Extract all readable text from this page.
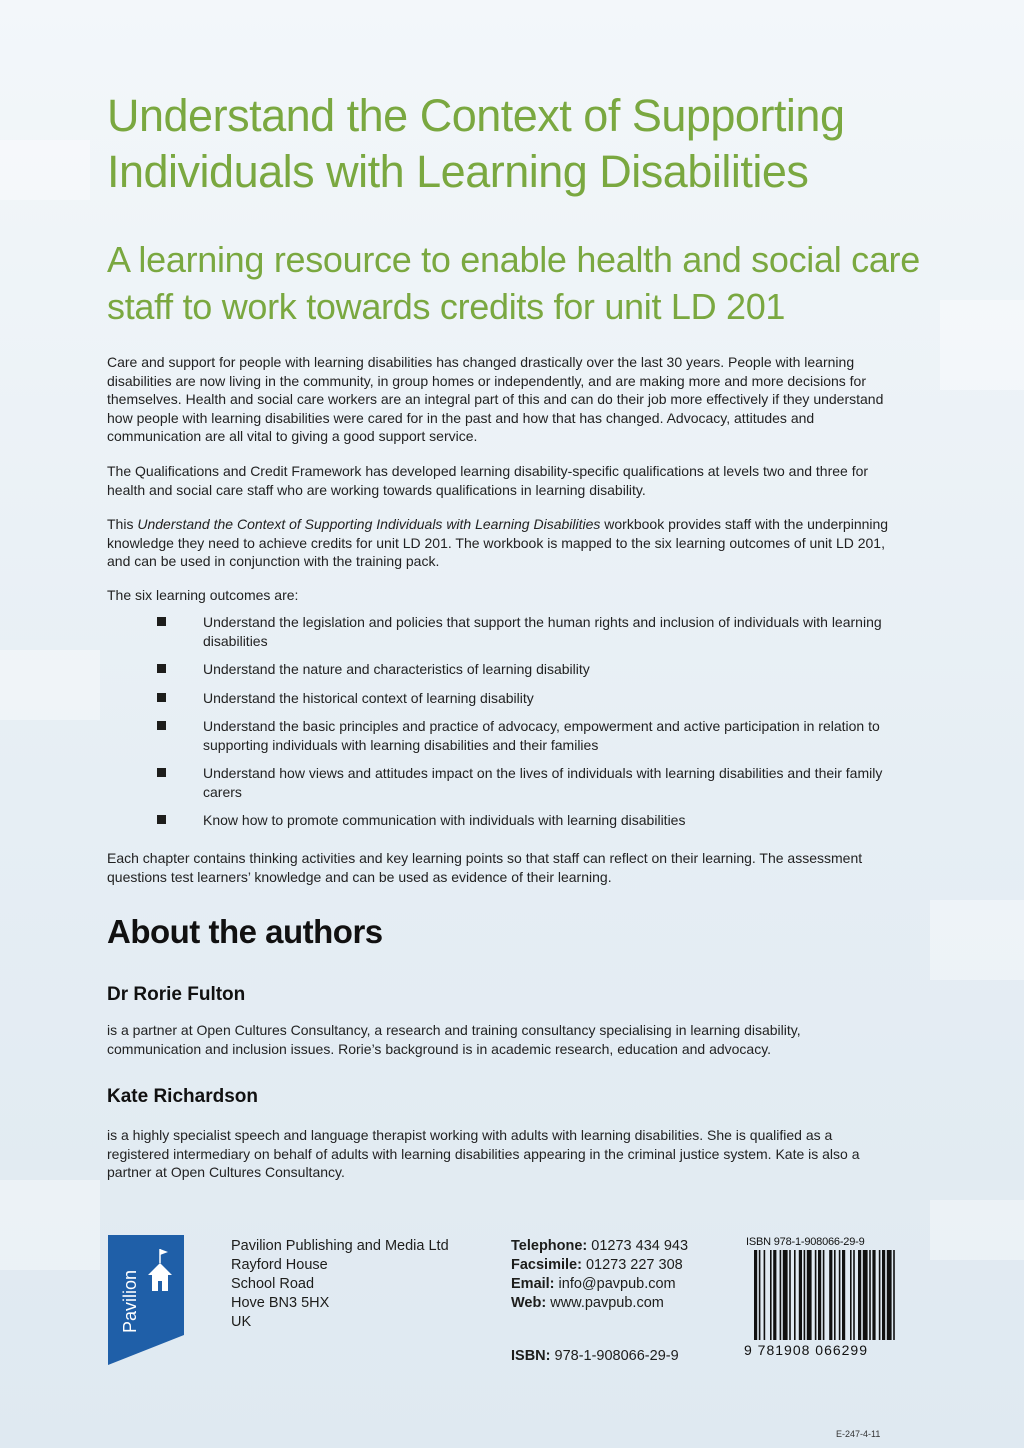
Understand the Context of Supporting Individuals with Learning Disabilities
A learning resource to enable health and social care staff to work towards credits for unit LD 201

Care and support for people with learning disabilities has changed drastically over the last 30 years. People with learning disabilities are now living in the community, in group homes or independently, and are making more and more decisions for themselves. Health and social care workers are an integral part of this and can do their job more effectively if they understand how people with learning disabilities were cared for in the past and how that has changed. Advocacy, attitudes and communication are all vital to giving a good support service.

The Qualifications and Credit Framework has developed learning disability-specific qualifications at levels two and three for health and social care staff who are working towards qualifications in learning disability.

This Understand the Context of Supporting Individuals with Learning Disabilities workbook provides staff with the underpinning knowledge they need to achieve credits for unit LD 201. The workbook is mapped to the six learning outcomes of unit LD 201, and can be used in conjunction with the training pack.

The six learning outcomes are:

Understand the legislation and policies that support the human rights and inclusion of individuals with learning disabilities
Understand the nature and characteristics of learning disability
Understand the historical context of learning disability
Understand the basic principles and practice of advocacy, empowerment and active participation in relation to supporting individuals with learning disabilities and their families
Understand how views and attitudes impact on the lives of individuals with learning disabilities and their family carers
Know how to promote communication with individuals with learning disabilities

Each chapter contains thinking activities and key learning points so that staff can reflect on their learning. The assessment questions test learners’ knowledge and can be used as evidence of their learning.

About the authors
Dr Rorie Fulton

is a partner at Open Cultures Consultancy, a research and training consultancy specialising in learning disability, communication and inclusion issues. Rorie’s background is in academic research, education and advocacy.

Kate Richardson

is a highly specialist speech and language therapist working with adults with learning disabilities. She is qualified as a registered intermediary on behalf of adults with learning disabilities appearing in the criminal justice system. Kate is also a partner at Open Cultures Consultancy.

Pavilion
Pavilion Publishing and Media Ltd
Rayford House
School Road
Hove BN3 5HX
UK
Telephone: 01273 434 943
Facsimile: 01273 227 308
Email: info@pavpub.com
Web: www.pavpub.com
ISBN: 978-1-908066-29-9
ISBN 978-1-908066-29-9
9 781908 066299
E-247-4-11
